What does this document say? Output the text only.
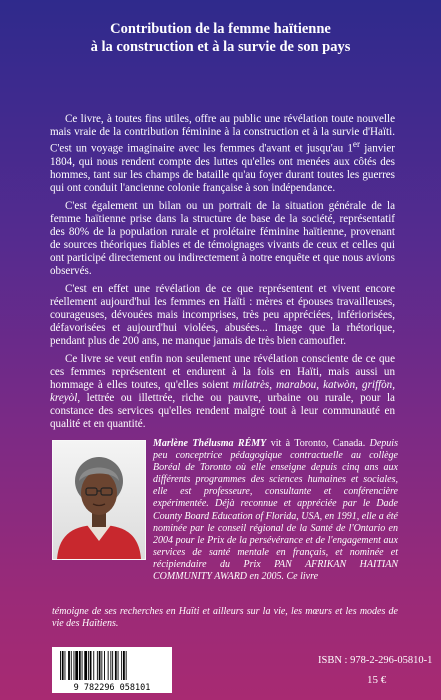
Contribution de la femme haïtienne
à la construction et à la survie de son pays

Ce livre, à toutes fins utiles, offre au public une révélation toute nouvelle mais vraie de la contribution féminine à la construction et à la survie d'Haïti. C'est un voyage imaginaire avec les femmes d'avant et jusqu'au 1er janvier 1804, qui nous rendent compte des luttes qu'elles ont menées aux côtés des hommes, tant sur les champs de bataille qu'au foyer durant toutes les guerres qui ont conduit l'ancienne colonie française à son indépendance.

C'est également un bilan ou un portrait de la situation générale de la femme haïtienne prise dans la structure de base de la société, représentatif des 80% de la population rurale et prolétaire féminine haïtienne, provenant de sources théoriques fiables et de témoignages vivants de ceux et celles qui ont participé directement ou indirectement à notre enquête et que nous avions observés.

C'est en effet une révélation de ce que représentent et vivent encore réellement aujourd'hui les femmes en Haïti : mères et épouses travailleuses, courageuses, dévouées mais incomprises, très peu appréciées, infériorisées, défavorisées et aujourd'hui violées, abusées... Image que la rhétorique, pendant plus de 200 ans, ne manque jamais de très bien camoufler.

Ce livre se veut enfin non seulement une révélation consciente de ce que ces femmes représentent et endurent à la fois en Haïti, mais aussi un hommage à elles toutes, qu'elles soient milatrès, marabou, katwòn, griffòn, kreyòl, lettrée ou illettrée, riche ou pauvre, urbaine ou rurale, pour la constance des services qu'elles rendent malgré tout à leur communauté en qualité et en quantité.

Marlène Thélusma RÉMY vit à Toronto, Canada. Depuis peu conceptrice pédagogique contractuelle au collège Boréal de Toronto où elle enseigne depuis cinq ans aux différents programmes des sciences humaines et sociales, elle est professeure, consultante et conférencière expérimentée. Déjà reconnue et appréciée par le Dade County Board Education of Florida, USA, en 1991, elle a été nominée par le conseil régional de la Santé de l'Ontario en 2004 pour le Prix de la persévérance et de l'engagement aux services de santé mentale en français, et nominée et récipiendaire du Prix PAN AFRIKAN HAITIAN COMMUNITY AWARD en 2005. Ce livre

témoigne de ses recherches en Haïti et ailleurs sur la vie, les mœurs et les modes de vie des Haïtiens.

9 782296 058101

ISBN : 978-2-296-05810-1

15 €
